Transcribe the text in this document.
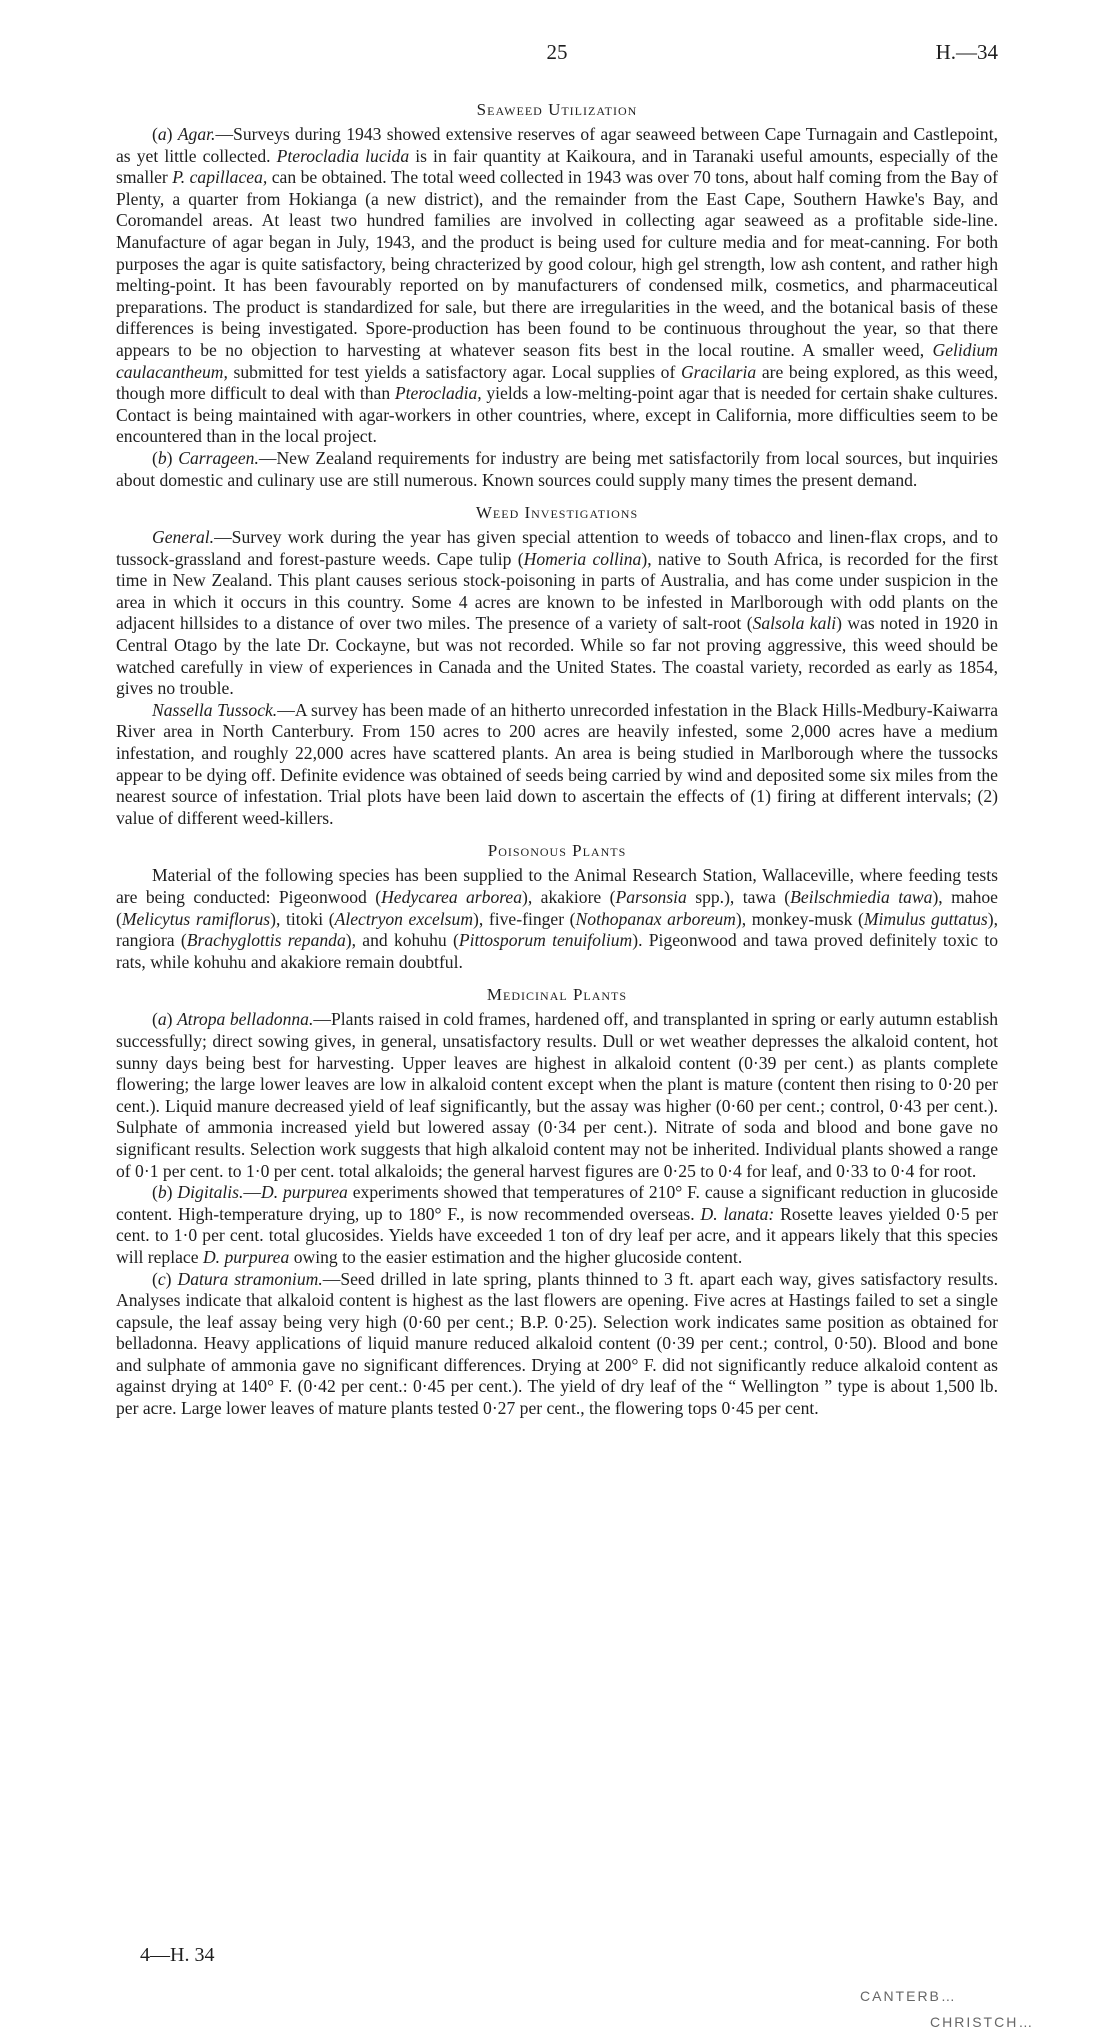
25	H.—34
Seaweed Utilization

(a) Agar.—Surveys during 1943 showed extensive reserves of agar seaweed between Cape Turnagain and Castlepoint, as yet little collected. Pterocladia lucida is in fair quantity at Kaikoura, and in Taranaki useful amounts, especially of the smaller P. capillacea, can be obtained. The total weed collected in 1943 was over 70 tons, about half coming from the Bay of Plenty, a quarter from Hokianga (a new district), and the remainder from the East Cape, Southern Hawke's Bay, and Coromandel areas. At least two hundred families are involved in collecting agar seaweed as a profitable side-line. Manufacture of agar began in July, 1943, and the product is being used for culture media and for meat-canning. For both purposes the agar is quite satisfactory, being chracterized by good colour, high gel strength, low ash content, and rather high melting-point. It has been favourably reported on by manufacturers of condensed milk, cosmetics, and pharmaceutical preparations. The product is standardized for sale, but there are irregularities in the weed, and the botanical basis of these differences is being investigated. Spore-production has been found to be continuous throughout the year, so that there appears to be no objection to harvesting at whatever season fits best in the local routine. A smaller weed, Gelidium caulacantheum, submitted for test yields a satisfactory agar. Local supplies of Gracilaria are being explored, as this weed, though more difficult to deal with than Pterocladia, yields a low-melting-point agar that is needed for certain shake cultures. Contact is being maintained with agar-workers in other countries, where, except in California, more difficulties seem to be encountered than in the local project.

(b) Carrageen.—New Zealand requirements for industry are being met satisfactorily from local sources, but inquiries about domestic and culinary use are still numerous. Known sources could supply many times the present demand.

Weed Investigations

General.—Survey work during the year has given special attention to weeds of tobacco and linen-flax crops, and to tussock-grassland and forest-pasture weeds. Cape tulip (Homeria collina), native to South Africa, is recorded for the first time in New Zealand. This plant causes serious stock-poisoning in parts of Australia, and has come under suspicion in the area in which it occurs in this country. Some 4 acres are known to be infested in Marlborough with odd plants on the adjacent hillsides to a distance of over two miles. The presence of a variety of salt-root (Salsola kali) was noted in 1920 in Central Otago by the late Dr. Cockayne, but was not recorded. While so far not proving aggressive, this weed should be watched carefully in view of experiences in Canada and the United States. The coastal variety, recorded as early as 1854, gives no trouble.

Nassella Tussock.—A survey has been made of an hitherto unrecorded infestation in the Black Hills-Medbury-Kaiwarra River area in North Canterbury. From 150 acres to 200 acres are heavily infested, some 2,000 acres have a medium infestation, and roughly 22,000 acres have scattered plants. An area is being studied in Marlborough where the tussocks appear to be dying off. Definite evidence was obtained of seeds being carried by wind and deposited some six miles from the nearest source of infestation. Trial plots have been laid down to ascertain the effects of (1) firing at different intervals; (2) value of different weed-killers.

Poisonous Plants

Material of the following species has been supplied to the Animal Research Station, Wallaceville, where feeding tests are being conducted: Pigeonwood (Hedycarea arborea), akakiore (Parsonsia spp.), tawa (Beilschmiedia tawa), mahoe (Melicytus ramiflorus), titoki (Alectryon excelsum), five-finger (Nothopanax arboreum), monkey-musk (Mimulus guttatus), rangiora (Brachyglottis repanda), and kohuhu (Pittosporum tenuifolium). Pigeonwood and tawa proved definitely toxic to rats, while kohuhu and akakiore remain doubtful.

Medicinal Plants

(a) Atropa belladonna.—Plants raised in cold frames, hardened off, and transplanted in spring or early autumn establish successfully; direct sowing gives, in general, unsatisfactory results. Dull or wet weather depresses the alkaloid content, hot sunny days being best for harvesting. Upper leaves are highest in alkaloid content (0·39 per cent.) as plants complete flowering; the large lower leaves are low in alkaloid content except when the plant is mature (content then rising to 0·20 per cent.). Liquid manure decreased yield of leaf significantly, but the assay was higher (0·60 per cent.; control, 0·43 per cent.). Sulphate of ammonia increased yield but lowered assay (0·34 per cent.). Nitrate of soda and blood and bone gave no significant results. Selection work suggests that high alkaloid content may not be inherited. Individual plants showed a range of 0·1 per cent. to 1·0 per cent. total alkaloids; the general harvest figures are 0·25 to 0·4 for leaf, and 0·33 to 0·4 for root.

(b) Digitalis.—D. purpurea experiments showed that temperatures of 210° F. cause a significant reduction in glucoside content. High-temperature drying, up to 180° F., is now recommended overseas. D. lanata: Rosette leaves yielded 0·5 per cent. to 1·0 per cent. total glucosides. Yields have exceeded 1 ton of dry leaf per acre, and it appears likely that this species will replace D. purpurea owing to the easier estimation and the higher glucoside content.

(c) Datura stramonium.—Seed drilled in late spring, plants thinned to 3 ft. apart each way, gives satisfactory results. Analyses indicate that alkaloid content is highest as the last flowers are opening. Five acres at Hastings failed to set a single capsule, the leaf assay being very high (0·60 per cent.; B.P. 0·25). Selection work indicates same position as obtained for belladonna. Heavy applications of liquid manure reduced alkaloid content (0·39 per cent.; control, 0·50). Blood and bone and sulphate of ammonia gave no significant differences. Drying at 200° F. did not significantly reduce alkaloid content as against drying at 140° F. (0·42 per cent.: 0·45 per cent.). The yield of dry leaf of the “ Wellington ” type is about 1,500 lb. per acre. Large lower leaves of mature plants tested 0·27 per cent., the flowering tops 0·45 per cent.

4—H. 34
CANTERB…
CHRISTCH…
